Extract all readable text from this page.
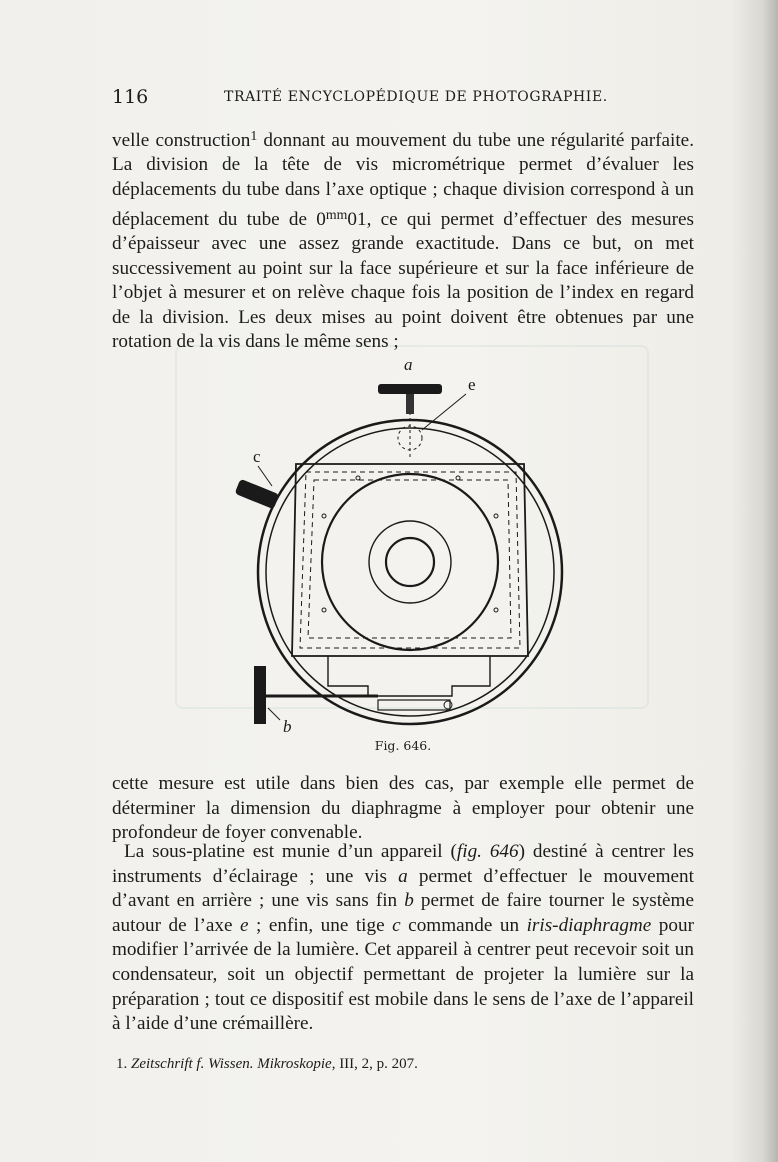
116	TRAITÉ ENCYCLOPÉDIQUE DE PHOTOGRAPHIE.

velle construction$^1$ donnant au mouvement du tube une régularité parfaite. La division de la tête de vis micrométrique permet d’évaluer les déplacements du tube dans l’axe optique ; chaque division correspond à un déplacement du tube de $0^{mm}01$, ce qui permet d’effectuer des mesures d’épaisseur avec une assez grande exactitude. Dans ce but, on met successivement au point sur la face supérieure et sur la face inférieure de l’objet à mesurer et on relève chaque fois la position de l’index en regard de la division. Les deux mises au point doivent être obtenues par une rotation de la vis dans le même sens ;

a
e
c
b
Fig. 646.

cette mesure est utile dans bien des cas, par exemple elle permet de déterminer la dimension du diaphragme à employer pour obtenir une profondeur de foyer convenable.

La sous-platine est munie d’un appareil (fig. 646) destiné à centrer les instruments d’éclairage ; une vis a permet d’effectuer le mouvement d’avant en arrière ; une vis sans fin b permet de faire tourner le système autour de l’axe e ; enfin, une tige c commande un iris-diaphragme pour modifier l’arrivée de la lumière. Cet appareil à centrer peut recevoir soit un condensateur, soit un objectif permettant de projeter la lumière sur la préparation ; tout ce dispositif est mobile dans le sens de l’axe de l’appareil à l’aide d’une crémaillère.

1. Zeitschrift f. Wissen. Mikroskopie, III, 2, p. 207.
